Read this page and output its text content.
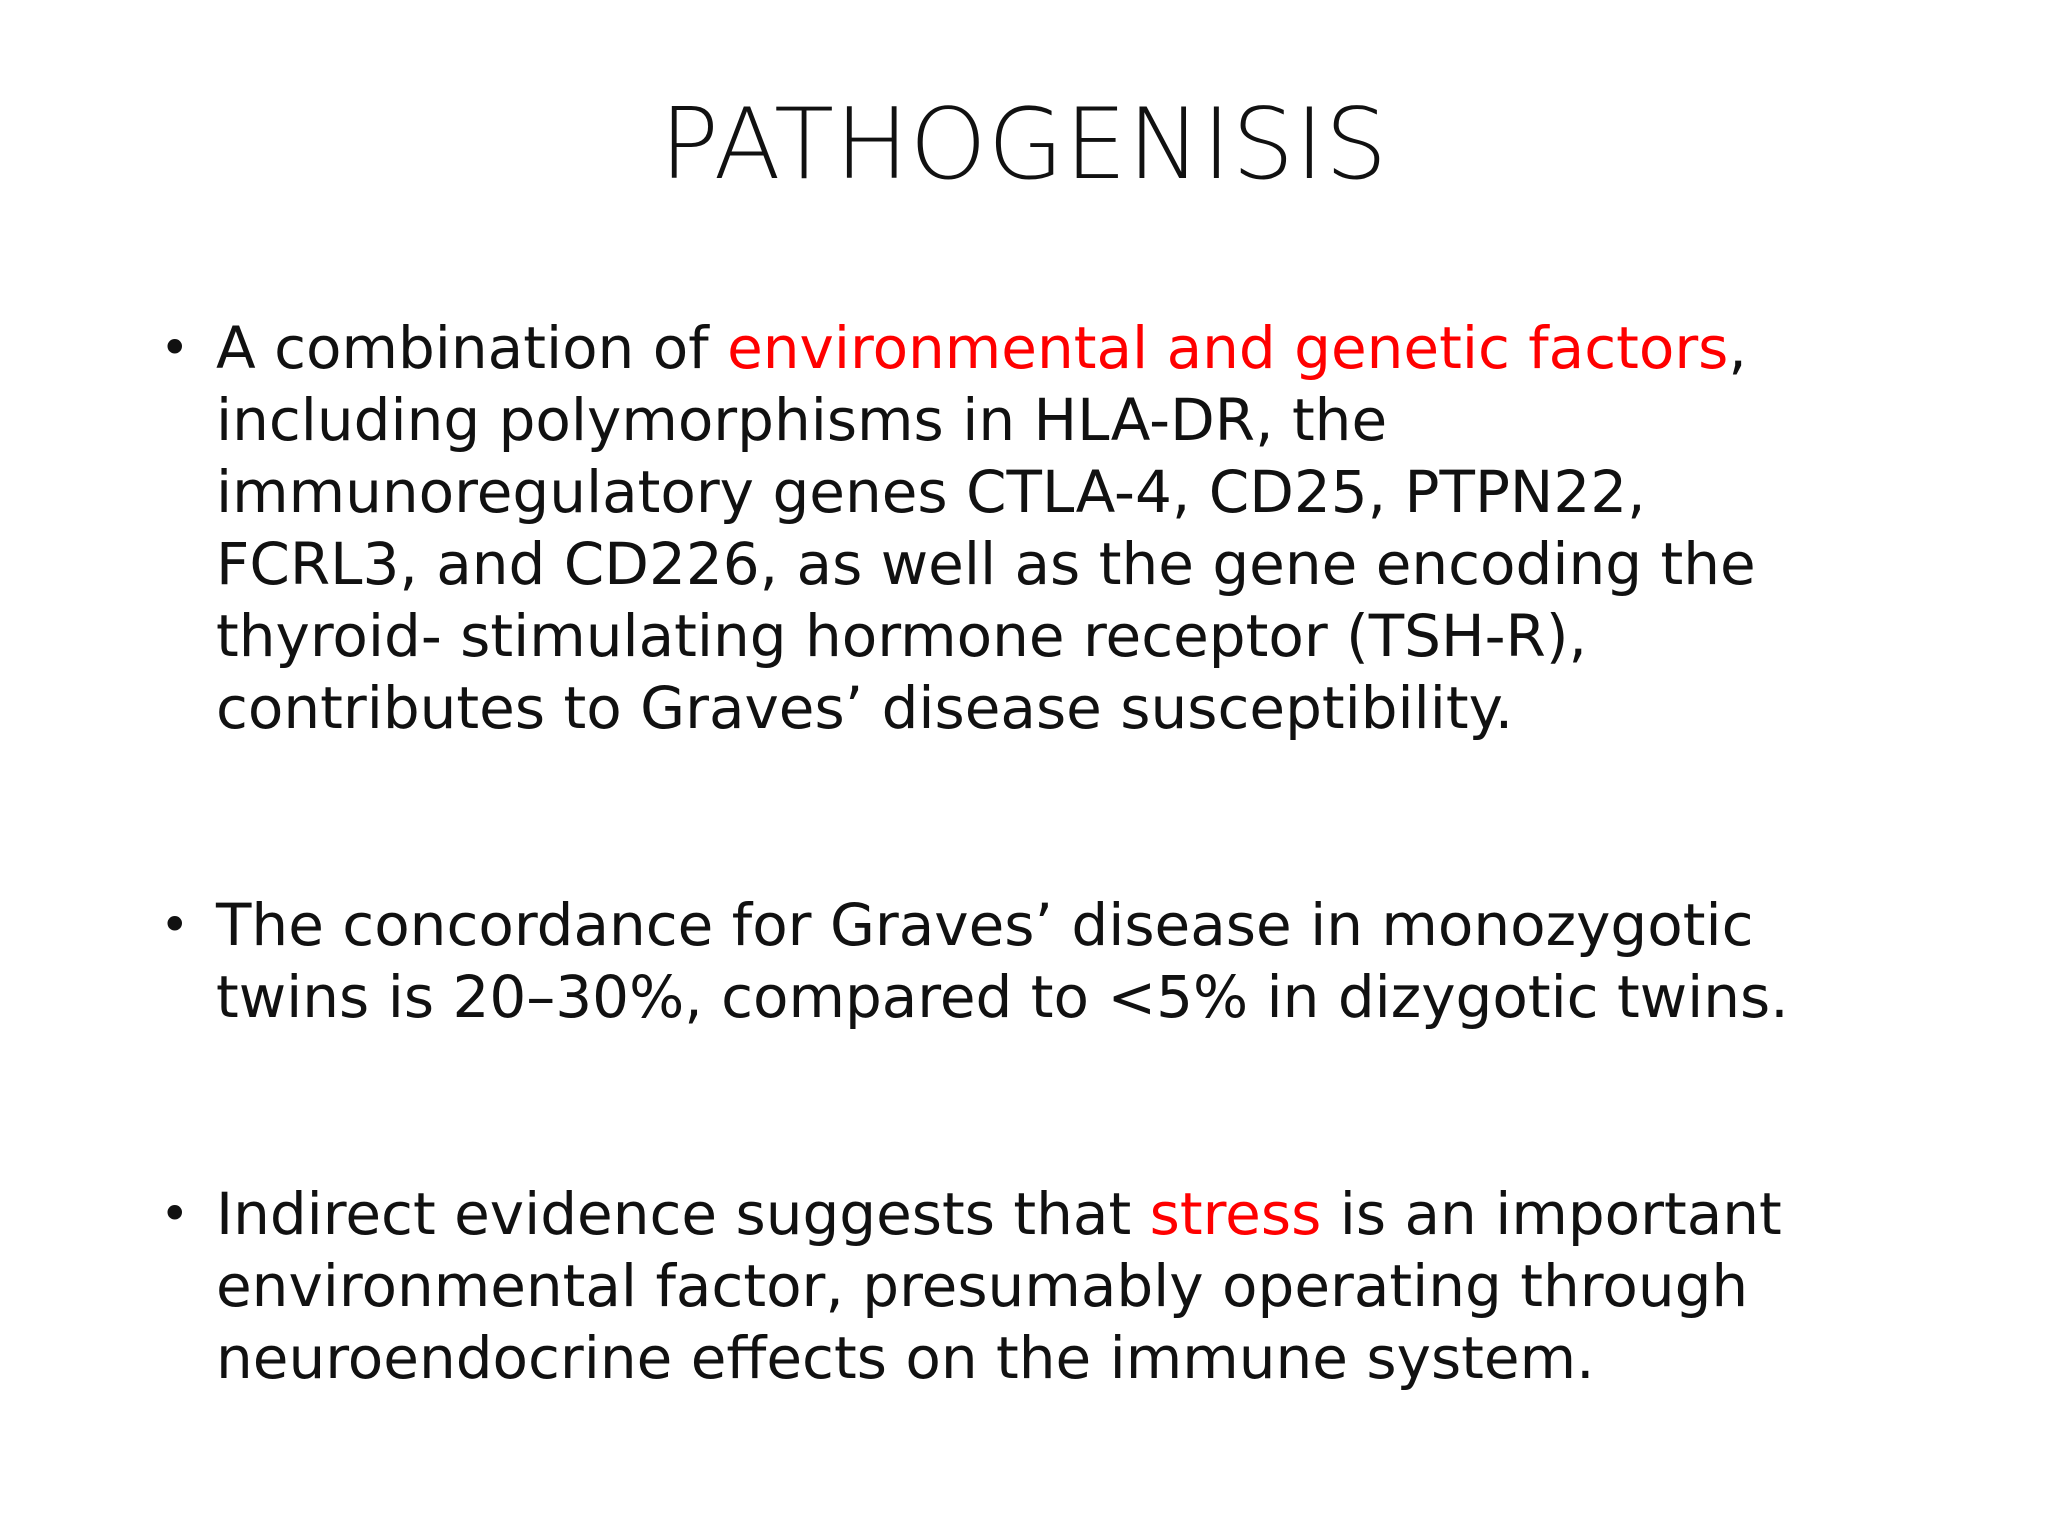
PATHOGENISIS
• A combination of environmental and genetic factors,
including polymorphisms in HLA-DR, the
immunoregulatory genes CTLA-4, CD25, PTPN22,
FCRL3, and CD226, as well as the gene encoding the
thyroid- stimulating hormone receptor (TSH-R),
contributes to Graves’ disease susceptibility.
• The concordance for Graves’ disease in monozygotic
twins is 20–30%, compared to <5% in dizygotic twins.
• Indirect evidence suggests that stress is an important
environmental factor, presumably operating through
neuroendocrine effects on the immune system.
